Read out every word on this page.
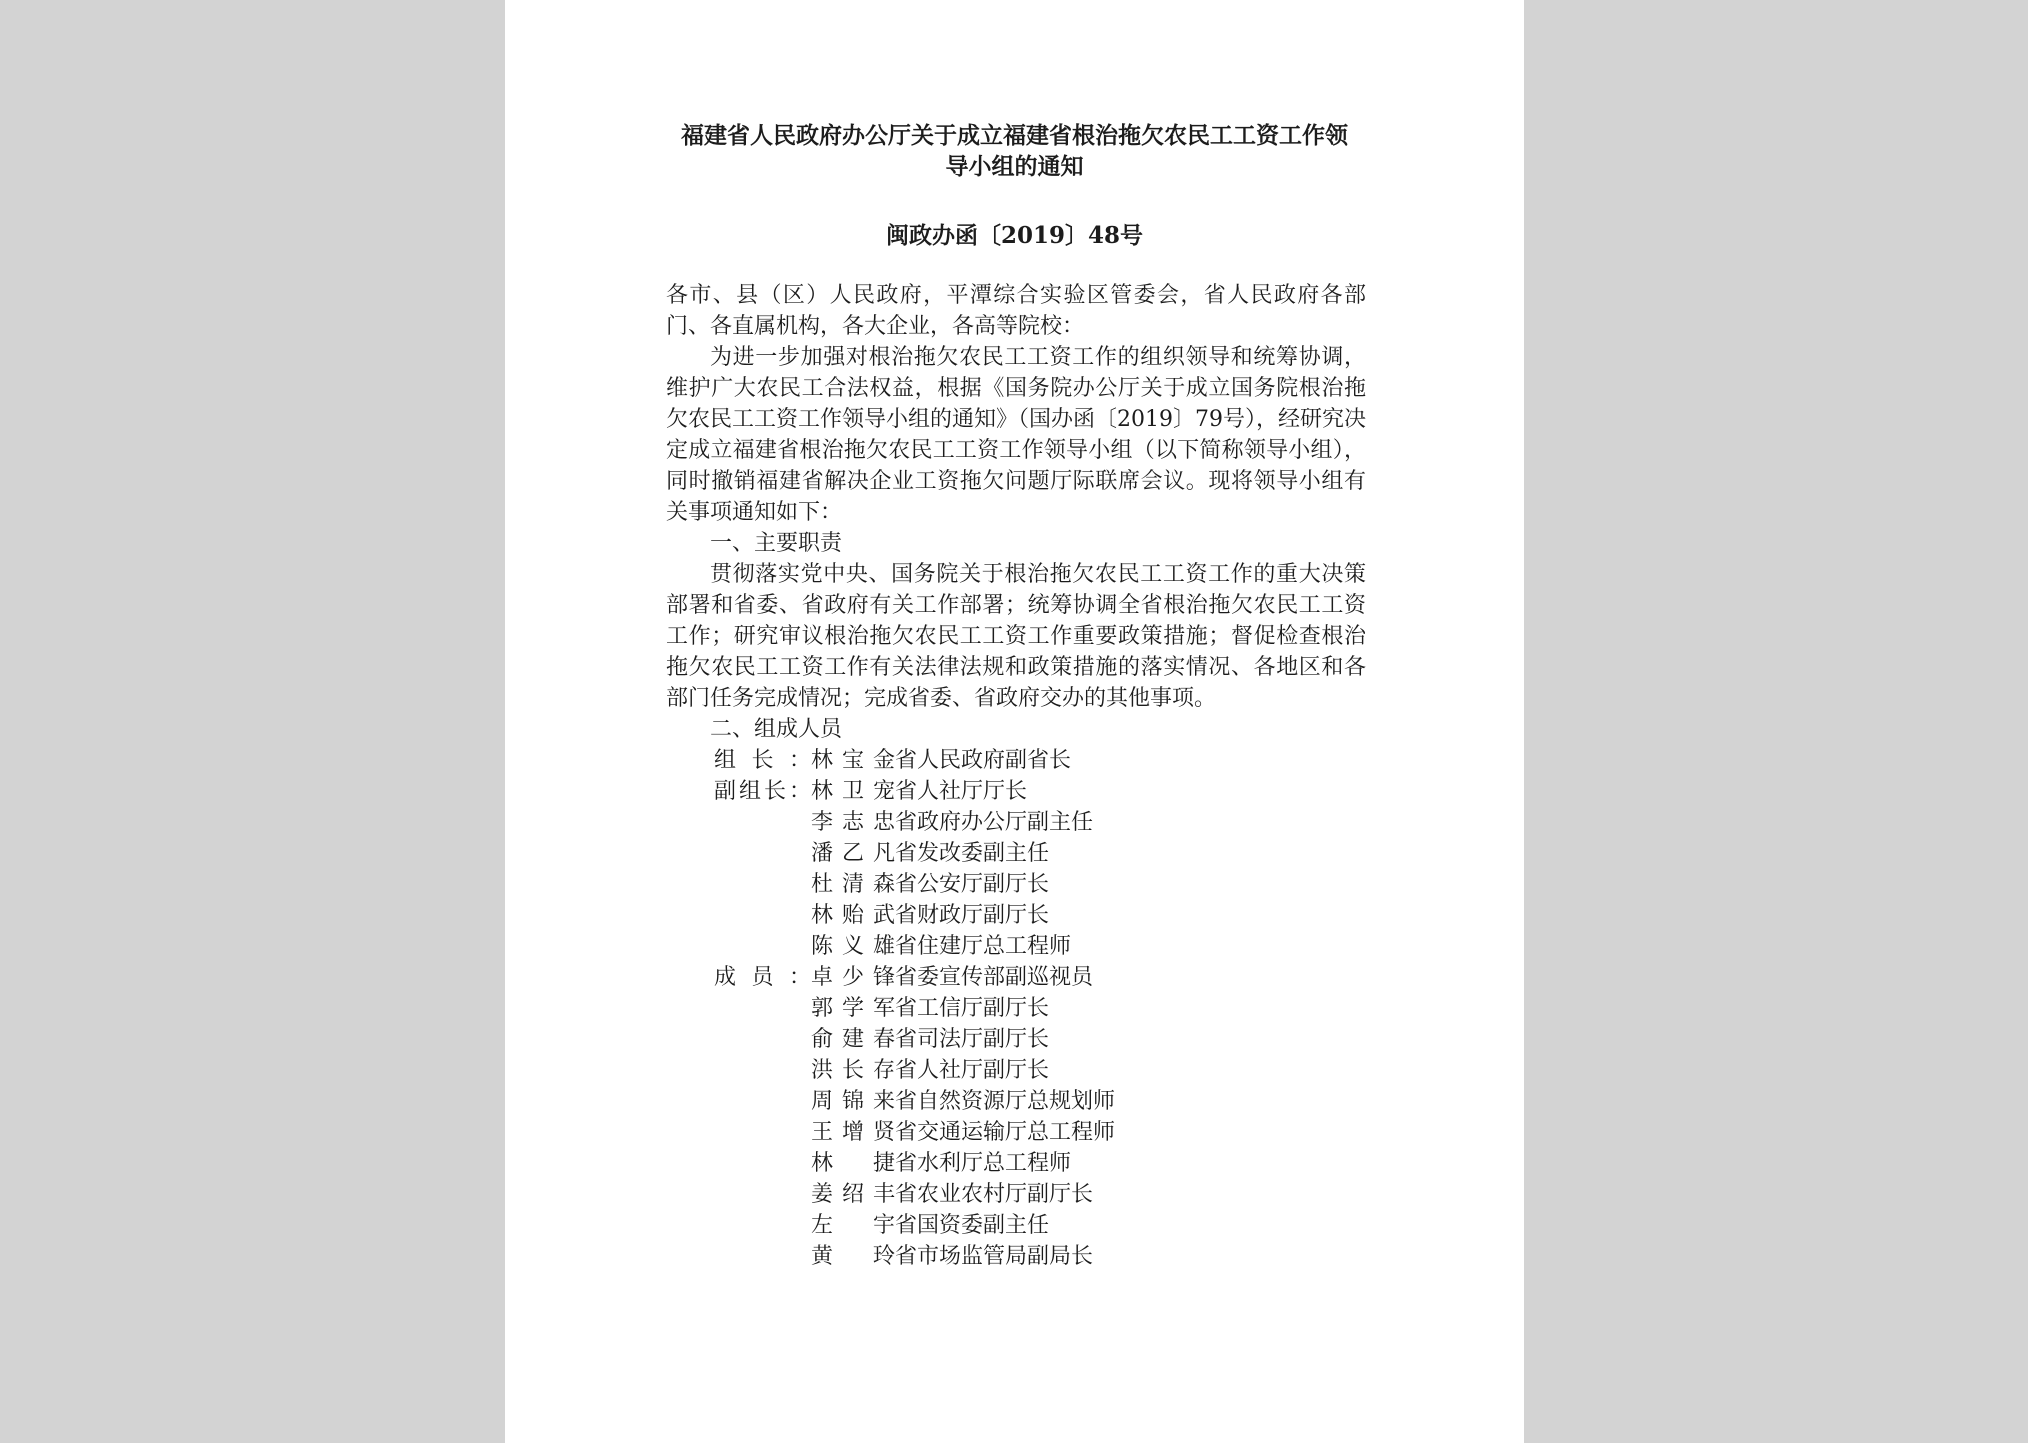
福建省人民政府办公厅关于成立福建省根治拖欠农民工工资工作领
导小组的通知
闽政办函〔2019〕48号

各市、县（区）人民政府，平潭综合实验区管委会，省人民政府各部门、各直属机构，各大企业，各高等院校：

为进一步加强对根治拖欠农民工工资工作的组织领导和统筹协调，维护广大农民工合法权益，根据《国务院办公厅关于成立国务院根治拖欠农民工工资工作领导小组的通知》（国办函〔2019〕79号），经研究决定成立福建省根治拖欠农民工工资工作领导小组（以下简称领导小组），同时撤销福建省解决企业工资拖欠问题厅际联席会议。现将领导小组有关事项通知如下：

一、主要职责

贯彻落实党中央、国务院关于根治拖欠农民工工资工作的重大决策部署和省委、省政府有关工作部署；统筹协调全省根治拖欠农民工工资工作；研究审议根治拖欠农民工工资工作重要政策措施；督促检查根治拖欠农民工工资工作有关法律法规和政策措施的落实情况、各地区和各部门任务完成情况；完成省委、省政府交办的其他事项。

二、组成人员

组长： 林宝金 省人民政府副省长
副组长： 林卫宠 省人社厅厅长
李志忠 省政府办公厅副主任
潘乙凡 省发改委副主任
杜清森 省公安厅副厅长
林贻武 省财政厅副厅长
陈义雄 省住建厅总工程师
成员： 卓少锋 省委宣传部副巡视员
郭学军 省工信厅副厅长
俞建春 省司法厅副厅长
洪长存 省人社厅副厅长
周锦来 省自然资源厅总规划师
王增贤 省交通运输厅总工程师
林捷 省水利厅总工程师
姜绍丰 省农业农村厅副厅长
左宇 省国资委副主任
黄玲 省市场监管局副局长
